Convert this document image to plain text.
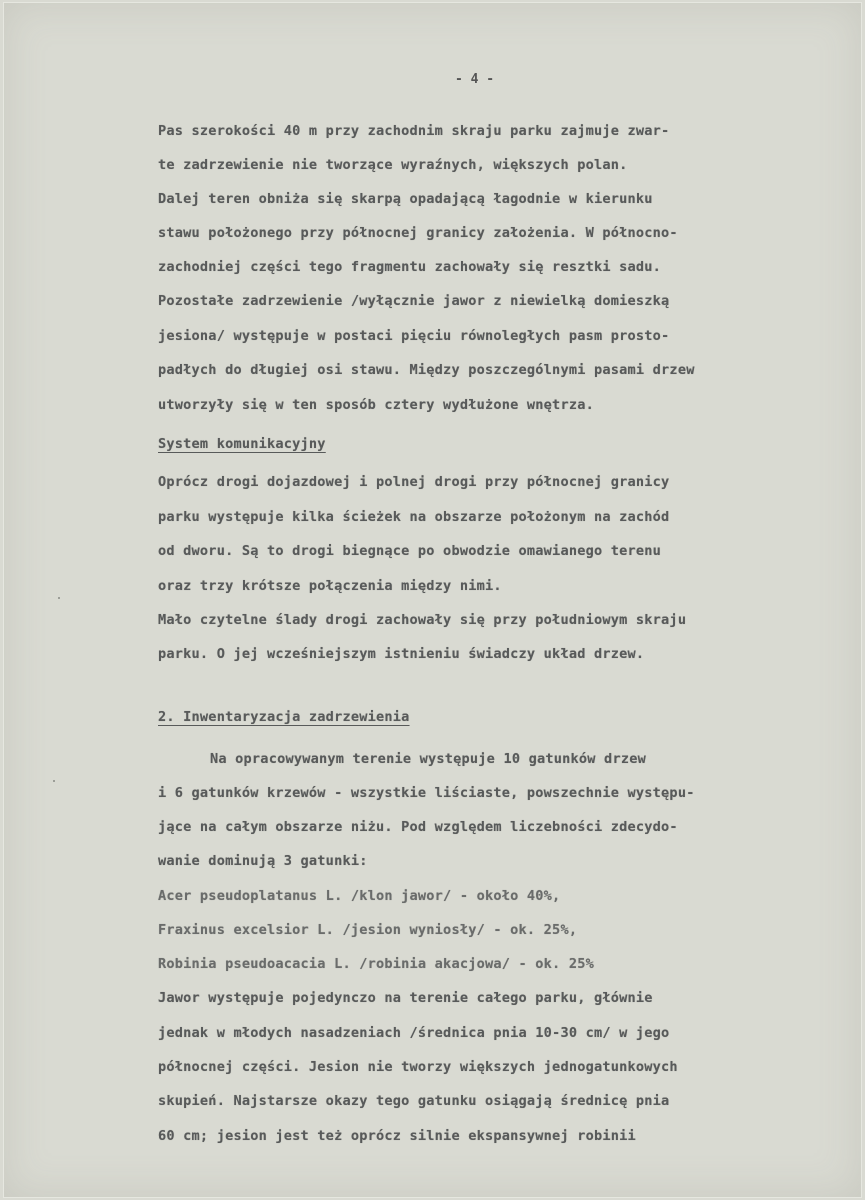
- 4 -
Pas szerokości 40 m przy zachodnim skraju parku zajmuje zwar-
te zadrzewienie nie tworzące wyraźnych, większych polan.
Dalej teren obniża się skarpą opadającą łagodnie w kierunku
stawu położonego przy północnej granicy założenia. W północno-
zachodniej części tego fragmentu zachowały się resztki sadu.
Pozostałe zadrzewienie /wyłącznie jawor z niewielką domieszką
jesiona/ występuje w postaci pięciu równoległych pasm prosto-
padłych do długiej osi stawu. Między poszczególnymi pasami drzew
utworzyły się w ten sposób cztery wydłużone wnętrza.
System komunikacyjny
Oprócz drogi dojazdowej i polnej drogi przy północnej granicy
parku występuje kilka ścieżek na obszarze położonym na zachód
od dworu. Są to drogi biegnące po obwodzie omawianego terenu
oraz trzy krótsze połączenia między nimi.
Mało czytelne ślady drogi zachowały się przy południowym skraju
parku. O jej wcześniejszym istnieniu świadczy układ drzew.
2. Inwentaryzacja zadrzewienia
Na opracowywanym terenie występuje 10 gatunków drzew
i 6 gatunków krzewów - wszystkie liściaste, powszechnie występu-
jące na całym obszarze niżu. Pod względem liczebności zdecydo-
wanie dominują 3 gatunki:
Acer pseudoplatanus L. /klon jawor/ - około 40%,
Fraxinus excelsior L. /jesion wyniosły/ - ok. 25%,
Robinia pseudoacacia L. /robinia akacjowa/ - ok. 25%
Jawor występuje pojedynczo na terenie całego parku, głównie
jednak w młodych nasadzeniach /średnica pnia 10-30 cm/ w jego
północnej części. Jesion nie tworzy większych jednogatunkowych
skupień. Najstarsze okazy tego gatunku osiągają średnicę pnia
60 cm; jesion jest też oprócz silnie ekspansywnej robinii
